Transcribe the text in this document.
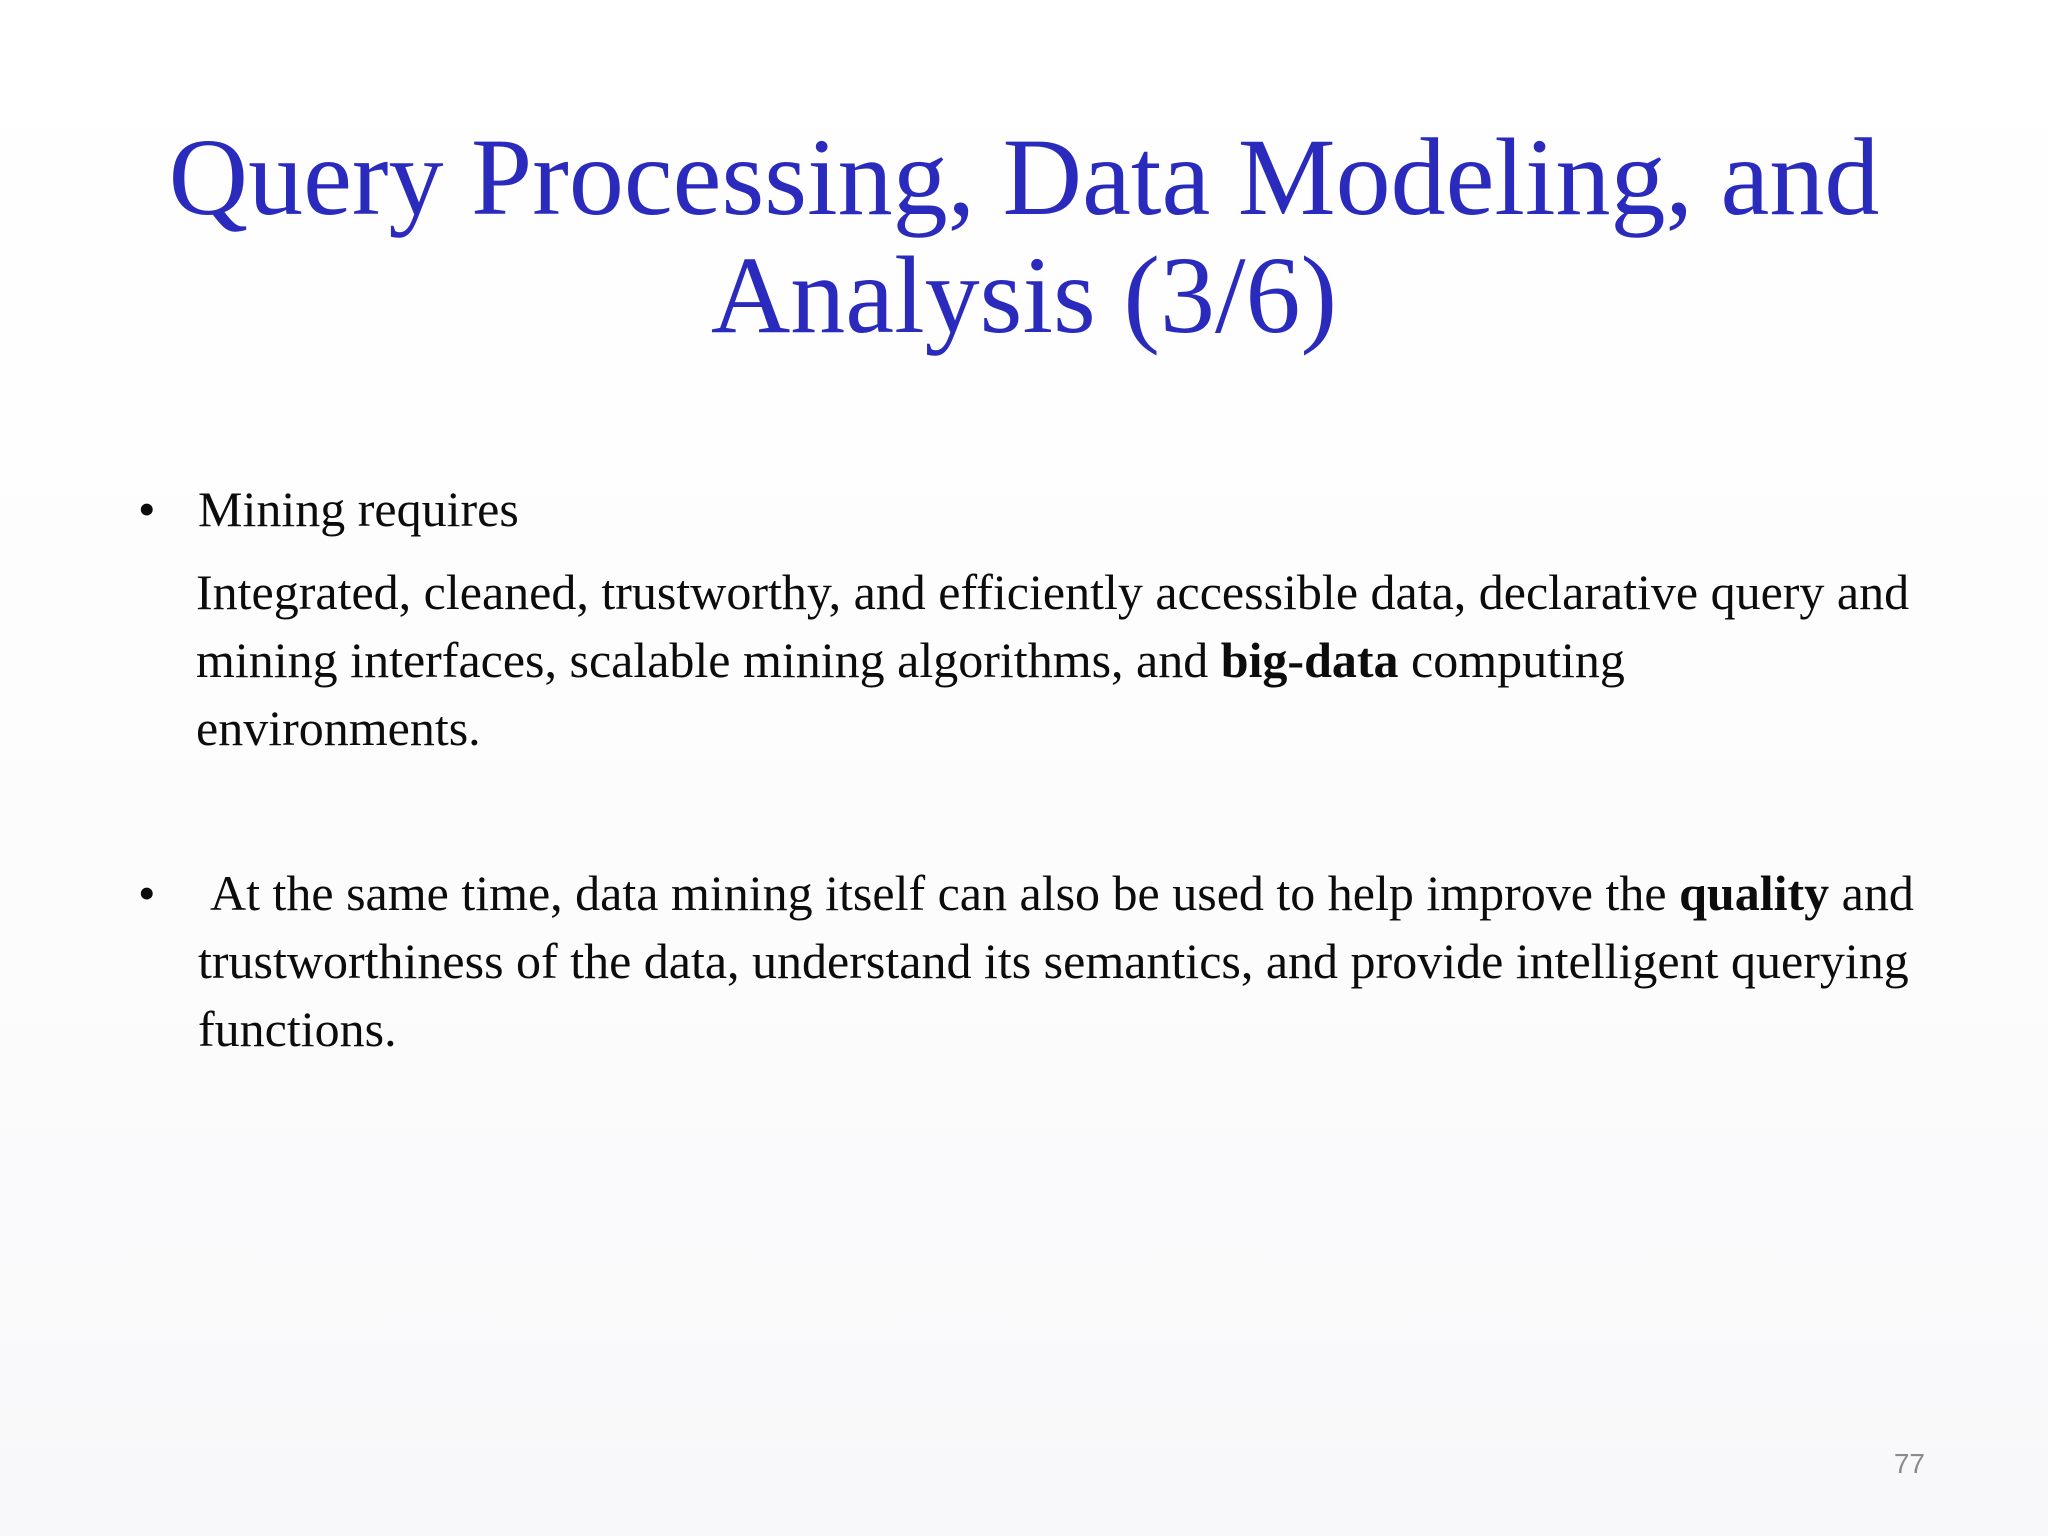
Query Processing, Data Modeling, and
Analysis (3/6)
• Mining requires
Integrated, cleaned, trustworthy, and efficiently accessible data, declarative query and mining interfaces, scalable mining algorithms, and big-data computing environments.
• At the same time, data mining itself can also be used to help improve the quality and trustworthiness of the data, understand its semantics, and provide intelligent querying functions.
77
